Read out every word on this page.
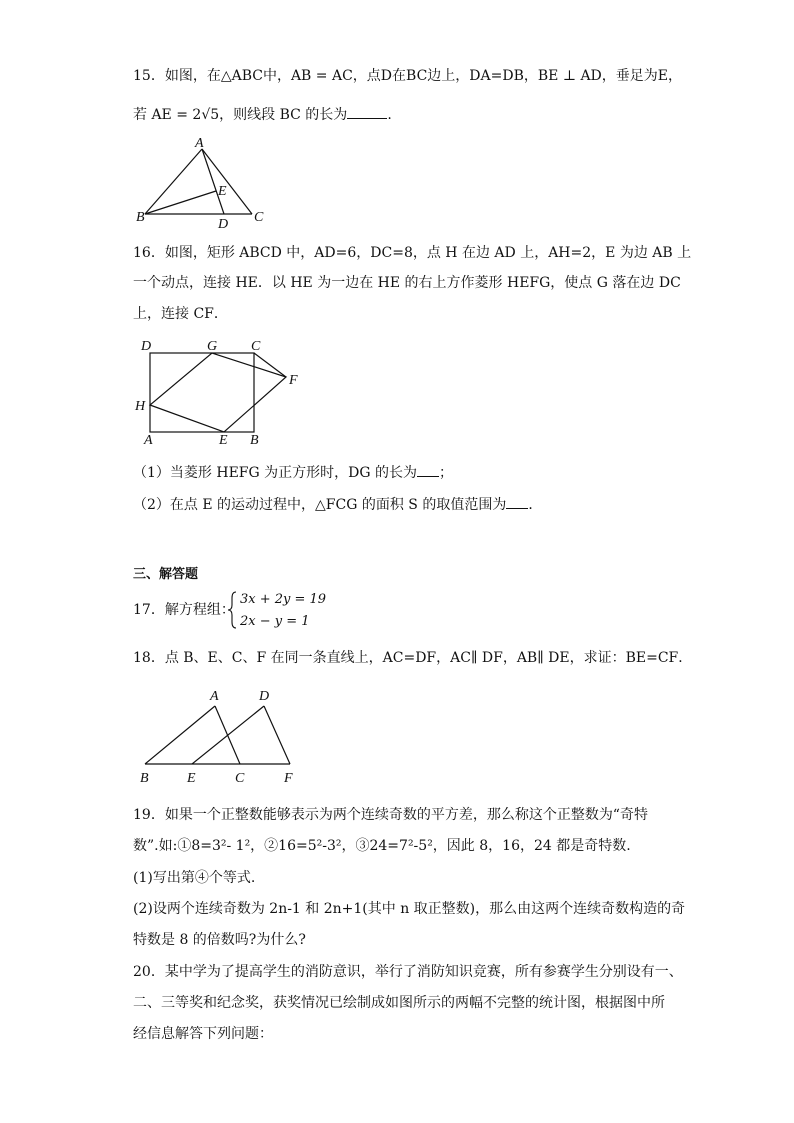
15．如图，在△ABC中，AB = AC，点D在BC边上，DA=DB，BE ⊥ AD，垂足为E，
若 AE = 2√5，则线段 BC 的长为	.
A
B	C
D
E
16．如图，矩形 ABCD 中，AD=6，DC=8，点 H 在边 AD 上，AH=2，E 为边 AB 上
一个动点，连接 HE．以 HE 为一边在 HE 的右上方作菱形 HEFG，使点 G 落在边 DC
上，连接 CF．
D	G C
F
H
A	E B
（1）当菱形 HEFG 为正方形时，DG 的长为 ；
（2）在点 E 的运动过程中，△FCG 的面积 S 的取值范围为 ．
三、解答题
17．解方程组：
3x + 2y = 19
2x − y = 1
18．点 B、E、C、F 在同一条直线上，AC=DF，AC∥ DF，AB∥ DE，求证：BE=CF．
A	D
B	E	C	F
19．如果一个正整数能够表示为两个连续奇数的平方差，那么称这个正整数为“奇特
数”.如:①8=3²- 1²，②16=5²-3²，③24=7²-5²，因此 8，16，24 都是奇特数.
(1)写出第④个等式.
(2)设两个连续奇数为 2n-1 和 2n+1(其中 n 取正整数)，那么由这两个连续奇数构造的奇
特数是 8 的倍数吗?为什么?
20．某中学为了提高学生的消防意识，举行了消防知识竞赛，所有参赛学生分别设有一、
二、三等奖和纪念奖，获奖情况已绘制成如图所示的两幅不完整的统计图，根据图中所
经信息解答下列问题：
